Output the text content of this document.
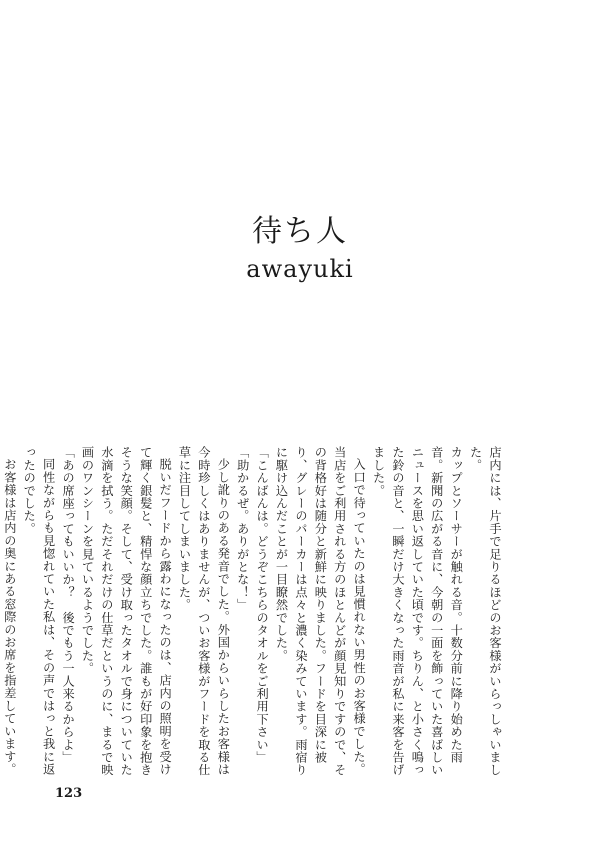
待ち人
awayuki

店内には、片手で足りるほどのお客様がいらっしゃいました。

カップとソーサーが触れる音。十数分前に降り始めた雨音。新聞の広がる音に、今朝の一面を飾っていた喜ばしいニュースを思い返していた頃です。ちりん、と小さく鳴った鈴の音と、一瞬だけ大きくなった雨音が私に来客を告げました。

入口で待っていたのは見慣れない男性のお客様でした。当店をご利用される方のほとんどが顔見知りですので、その背格好は随分と新鮮に映りました。フードを目深に被り、グレーのパーカーは点々と濃く染みています。雨宿りに駆け込んだことが一目瞭然でした。

「こんばんは。どうぞこちらのタオルをご利用下さい」

「助かるぜ。ありがとな！」

少し訛りのある発音でした。外国からいらしたお客様は今時珍しくはありませんが、ついお客様がフードを取る仕草に注目してしまいました。

脱いだフードから露わになったのは、店内の照明を受けて輝く銀髪と、精悍な顔立ちでした。誰もが好印象を抱きそうな笑顔。そして、受け取ったタオルで身についていた水滴を拭う。ただそれだけの仕草だというのに、まるで映画のワンシーンを見ているようでした。

「あの席座ってもいいか？　後でもう一人来るからよ」

同性ながらも見惚れていた私は、その声ではっと我に返ったのでした。

お客様は店内の奥にある窓際のお席を指差しています。

123
